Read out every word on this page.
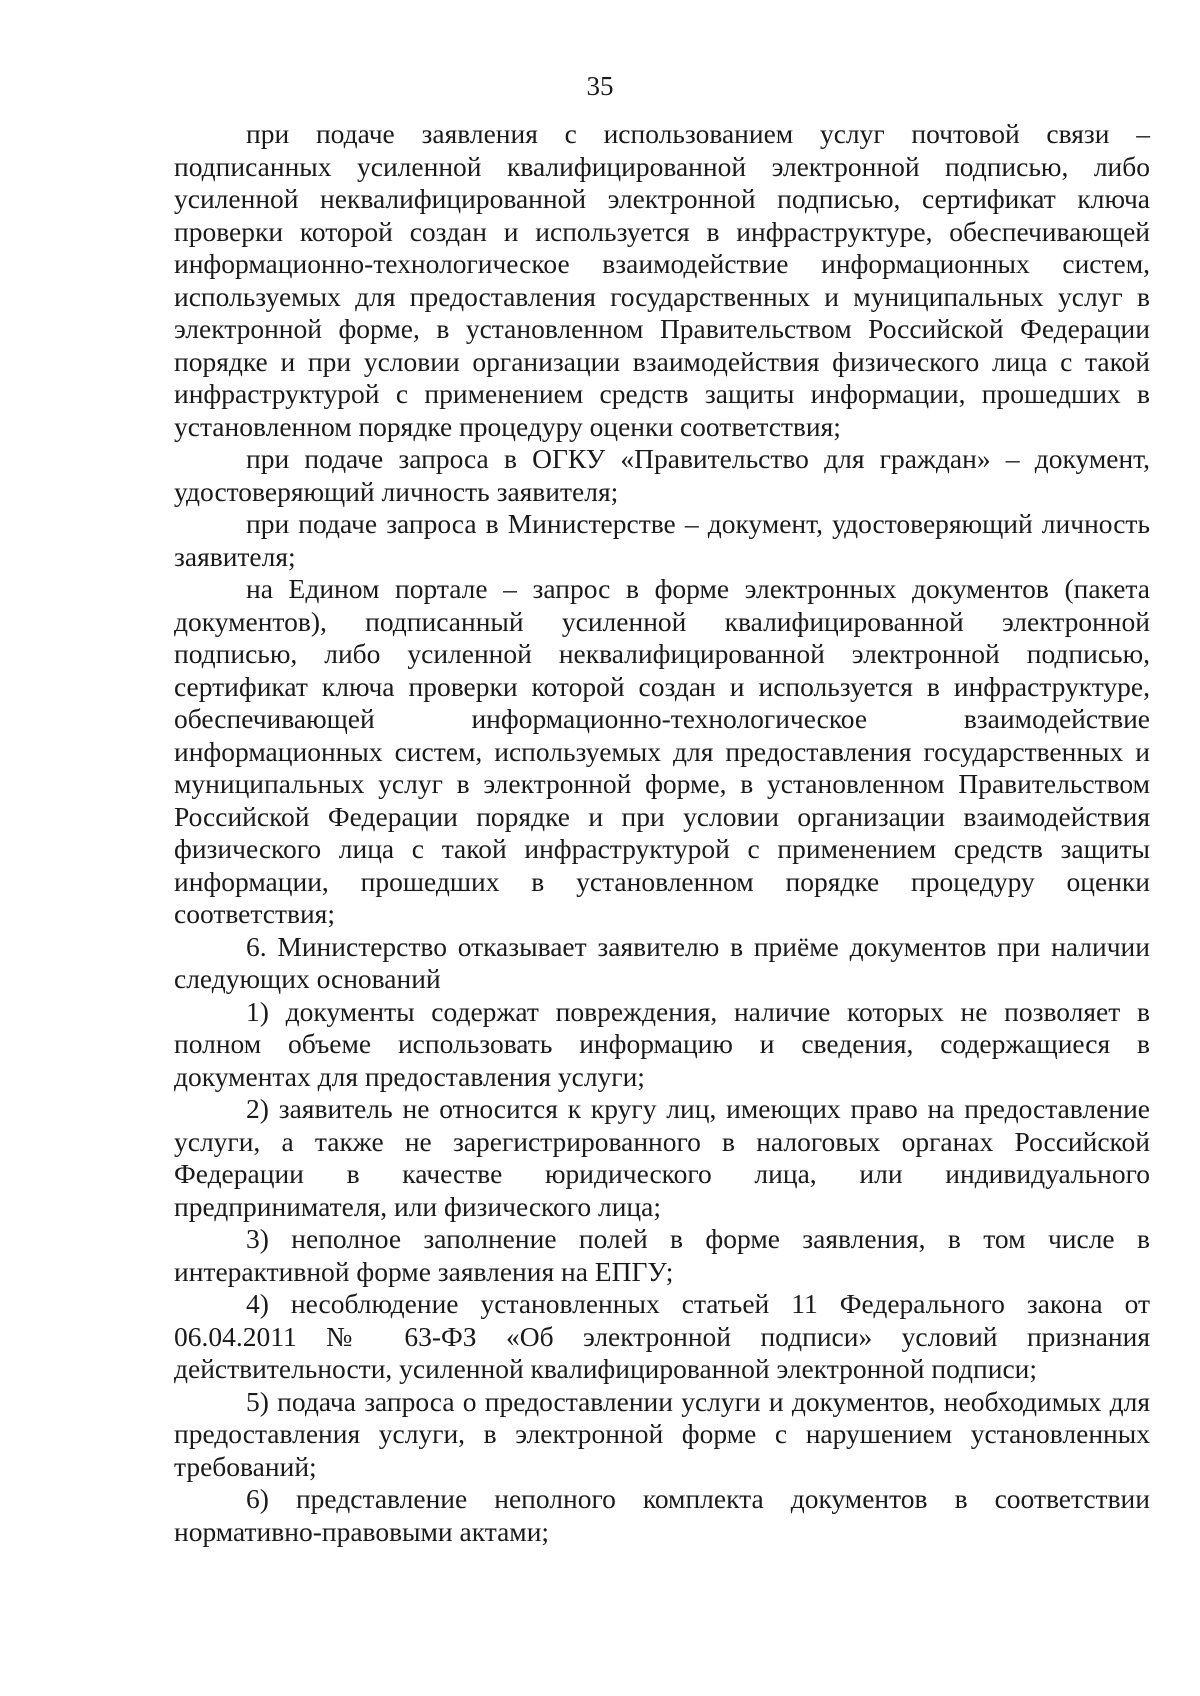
35

при подаче заявления с использованием услуг почтовой связи – подписанных усиленной квалифицированной электронной подписью, либо усиленной неквалифицированной электронной подписью, сертификат ключа проверки которой создан и используется в инфраструктуре, обеспечивающей информационно-технологическое взаимодействие информационных систем, используемых для предоставления государственных и муниципальных услуг в электронной форме, в установленном Правительством Российской Федерации порядке и при условии организации взаимодействия физического лица с такой инфраструктурой с применением средств защиты информации, прошедших в установленном порядке процедуру оценки соответствия;

при подаче запроса в ОГКУ «Правительство для граждан» – документ, удостоверяющий личность заявителя;

при подаче запроса в Министерстве – документ, удостоверяющий личность заявителя;

на Едином портале – запрос в форме электронных документов (пакета документов), подписанный усиленной квалифицированной электронной подписью, либо усиленной неквалифицированной электронной подписью, сертификат ключа проверки которой создан и используется в инфраструктуре, обеспечивающей информационно-технологическое взаимодействие информационных систем, используемых для предоставления государственных и муниципальных услуг в электронной форме, в установленном Правительством Российской Федерации порядке и при условии организации взаимодействия физического лица с такой инфраструктурой с применением средств защиты информации, прошедших в установленном порядке процедуру оценки соответствия;

6. Министерство отказывает заявителю в приёме документов при наличии следующих оснований

1) документы содержат повреждения, наличие которых не позволяет в полном объеме использовать информацию и сведения, содержащиеся в документах для предоставления услуги;

2) заявитель не относится к кругу лиц, имеющих право на предоставление услуги, а также не зарегистрированного в налоговых органах Российской Федерации в качестве юридического лица, или индивидуального предпринимателя, или физического лица;

3) неполное заполнение полей в форме заявления, в том числе в интерактивной форме заявления на ЕПГУ;

4) несоблюдение установленных статьей 11 Федерального закона от 06.04.2011 № 63-ФЗ «Об электронной подписи» условий признания действительности, усиленной квалифицированной электронной подписи;

5) подача запроса о предоставлении услуги и документов, необходимых для предоставления услуги, в электронной форме с нарушением установленных требований;

6) представление неполного комплекта документов в соответствии нормативно-правовыми актами;
